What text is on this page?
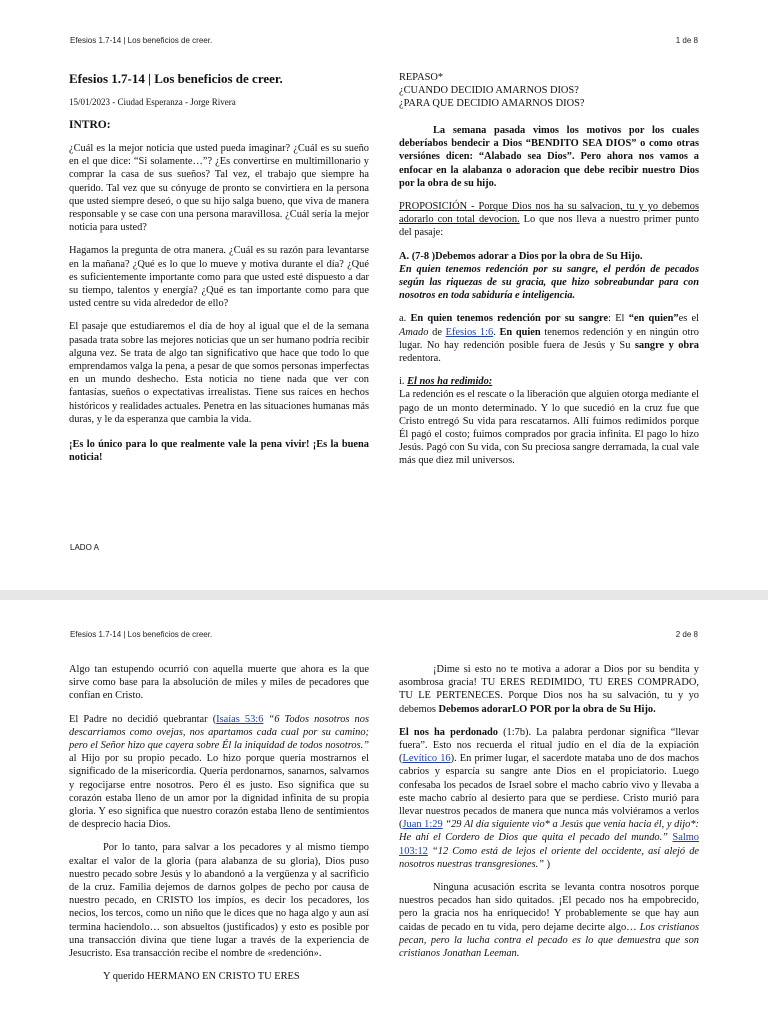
Efesios 1.7-14 | Los beneficios de creer.	1 de 8

Efesios 1.7-14 | Los beneficios de creer.

15/01/2023 - Ciudad Esperanza - Jorge Rivera

INTRO:

¿Cuál es la mejor noticia que usted pueda imaginar? ¿Cuál es su sueño en el que dice: “Si solamente…”? ¿Es convertirse en multimillonario y comprar la casa de sus sueños? Tal vez, el trabajo que siempre ha querido. Tal vez que su cónyuge de pronto se convirtiera en la persona que usted siempre deseó, o que su hijo salga bueno, que viva de manera responsable y se case con una persona maravillosa. ¿Cuál sería la mejor noticia para usted?

Hagamos la pregunta de otra manera. ¿Cuál es su razón para levantarse en la mañana? ¿Qué es lo que lo mueve y motiva durante el día? ¿Qué es suficientemente importante como para que usted esté dispuesto a dar su tiempo, talentos y energía? ¿Qué es tan importante como para que usted centre su vida alrededor de ello?

El pasaje que estudiaremos el día de hoy al igual que el de la semana pasada trata sobre las mejores noticias que un ser humano podría recibir alguna vez. Se trata de algo tan significativo que hace que todo lo que emprendamos valga la pena, a pesar de que somos personas imperfectas en un mundo deshecho. Esta noticia no tiene nada que ver con fantasías, sueños o expectativas irrealistas. Tiene sus raíces en hechos históricos y realidades actuales. Penetra en las situaciones humanas más duras, y le da esperanza que cambia la vida.

¡Es lo único para lo que realmente vale la pena vivir! ¡Es la buena noticia!

LADO A

REPASO*

¿CUANDO DECIDIO AMARNOS DIOS?

¿PARA QUE DECIDIO AMARNOS DIOS?

La semana pasada vimos los motivos por los cuales deberíabos bendecir a Dios “BENDITO SEA DIOS” o como otras versiónes dicen: “Alabado sea Dios”. Pero ahora nos vamos a enfocar en la alabanza o adoracion que debe recibir nuestro Dios por la obra de su hijo.

PROPOSICIÓN - Porque Dios nos ha su salvacion, tu y yo debemos adorarlo con total devocion. Lo que nos lleva a nuestro primer punto del pasaje:

A. (7-8 )Debemos adorar a Dios por la obra de Su Hijo.

En quien tenemos redención por su sangre, el perdón de pecados según las riquezas de su gracia, que hizo sobreabundar para con nosotros en toda sabiduría e inteligencia.

a. En quien tenemos redención por su sangre: El “en quien”es el Amado de Efesios 1:6. En quien tenemos redención y en ningún otro lugar. No hay redención posible fuera de Jesús y Su sangre y obra redentora.

i. El nos ha redimido:

La redención es el rescate o la liberación que alguien otorga mediante el pago de un monto determinado. Y lo que sucedió en la cruz fue que Cristo entregó Su vida para rescatarnos. Allí fuimos redimidos porque Él pagó el costo; fuimos comprados por gracia infinita. El pago lo hizo Jesús. Pagó con Su vida, con Su preciosa sangre derramada, la cual vale más que diez mil universos.

Efesios 1.7-14 | Los beneficios de creer.	2 de 8

Algo tan estupendo ocurrió con aquella muerte que ahora es la que sirve como base para la absolución de miles y miles de pecadores que confían en Cristo.

El Padre no decidió quebrantar (Isaías 53:6 “6 Todos nosotros nos descarriamos como ovejas, nos apartamos cada cual por su camino; pero el Señor hizo que cayera sobre Él la iniquidad de todos nosotros.” al Hijo por su propio pecado. Lo hizo porque quería mostrarnos el significado de la misericordia. Quería perdonarnos, sanarnos, salvarnos y regocijarse entre nosotros. Pero él es justo. Eso significa que su corazón estaba lleno de un amor por la dignidad infinita de su propia gloria. Y eso significa que nuestro corazón estaba lleno de sentimientos de desprecio hacia Dios.

Por lo tanto, para salvar a los pecadores y al mismo tiempo exaltar el valor de la gloria (para alabanza de su gloria), Dios puso nuestro pecado sobre Jesús y lo abandonó a la vergüenza y al sacrificio de la cruz. Familia dejemos de darnos golpes de pecho por causa de nuestro pecado, en CRISTO los impíos, es decir los pecadores, los necios, los tercos, como un niño que le dices que no haga algo y aun así termina haciendolo… son absueltos (justificados) y esto es posible por una transacción divina que tiene lugar a través de la experiencia de Jesucristo. Esa transacción recibe el nombre de «redención».

Y querido HERMANO EN CRISTO TU ERES

¡Dime si esto no te motiva a adorar a Dios por su bendita y asombrosa gracia! TU ERES REDIMIDO, TU ERES COMPRADO, TU LE PERTENECES. Porque Dios nos ha su salvación, tu y yo debemos Debemos adorarLO POR por la obra de Su Hijo.

El nos ha perdonado (1:7b). La palabra perdonar significa “llevar fuera”. Esto nos recuerda el ritual judío en el día de la expiación (Levítico 16). En primer lugar, el sacerdote mataba uno de dos machos cabríos y esparcía su sangre ante Dios en el propiciatorio. Luego confesaba los pecados de Israel sobre el macho cabrío vivo y llevaba a este macho cabrío al desierto para que se perdiese. Cristo murió para llevar nuestros pecados de manera que nunca más volviéramos a verlos (Juan 1:29 “29 Al día siguiente vio* a Jesús que venía hacia él, y dijo*: He ahí el Cordero de Dios que quita el pecado del mundo.” Salmo 103:12 “12 Como está de lejos el oriente del occidente, así alejó de nosotros nuestras transgresiones.” )

Ninguna acusación escrita se levanta contra nosotros porque nuestros pecados han sido quitados. ¡El pecado nos ha empobrecido, pero la gracia nos ha enriquecido! Y probablemente se que hay aun caidas de pecado en tu vida, pero dejame decirte algo… Los cristianos pecan, pero la lucha contra el pecado es lo que demuestra que son cristianos Jonathan Leeman.
